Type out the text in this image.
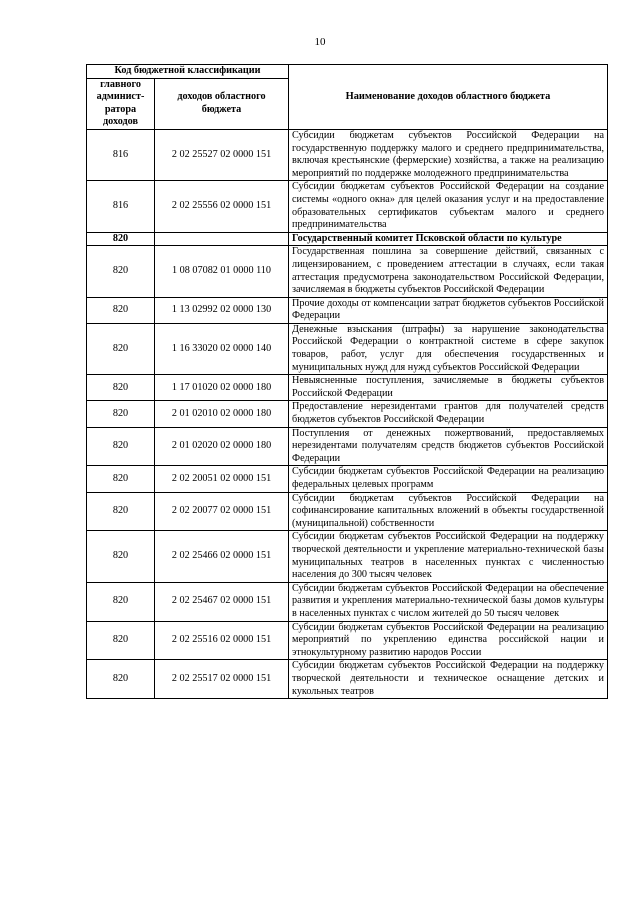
10
Код бюджетной классификации		Наименование доходов областного бюджета
главного админист-ратора доходов	доходов областного бюджета	
816	2 02 25527 02 0000 151	Субсидии бюджетам субъектов Российской Федерации на государственную поддержку малого и среднего предпринимательства, включая крестьянские (фермерские) хозяйства, а также на реализацию мероприятий по поддержке молодежного предпринимательства
816	2 02 25556 02 0000 151	Субсидии бюджетам субъектов Российской Федерации на создание системы «одного окна» для целей оказания услуг и на предоставление образовательных сертификатов субъектам малого и среднего предпринимательства
820		Государственный комитет Псковской области по культуре
820	1 08 07082 01 0000 110	Государственная пошлина за совершение действий, связанных с лицензированием, с проведением аттестации в случаях, если такая аттестация предусмотрена законодательством Российской Федерации, зачисляемая в бюджеты субъектов Российской Федерации
820	1 13 02992 02 0000 130	Прочие доходы от компенсации затрат бюджетов субъектов Российской Федерации
820	1 16 33020 02 0000 140	Денежные взыскания (штрафы) за нарушение законодательства Российской Федерации о контрактной системе в сфере закупок товаров, работ, услуг для обеспечения государственных и муниципальных нужд для нужд субъектов Российской Федерации
820	1 17 01020 02 0000 180	Невыясненные поступления, зачисляемые в бюджеты субъектов Российской Федерации
820	2 01 02010 02 0000 180	Предоставление нерезидентами грантов для получателей средств бюджетов субъектов Российской Федерации
820	2 01 02020 02 0000 180	Поступления от денежных пожертвований, предоставляемых нерезидентами получателям средств бюджетов субъектов Российской Федерации
820	2 02 20051 02 0000 151	Субсидии бюджетам субъектов Российской Федерации на реализацию федеральных целевых программ
820	2 02 20077 02 0000 151	Субсидии бюджетам субъектов Российской Федерации на софинансирование капитальных вложений в объекты государственной (муниципальной) собственности
820	2 02 25466 02 0000 151	Субсидии бюджетам субъектов Российской Федерации на поддержку творческой деятельности и укрепление материально-технической базы муниципальных театров в населенных пунктах с численностью населения до 300 тысяч человек
820	2 02 25467 02 0000 151	Субсидии бюджетам субъектов Российской Федерации на обеспечение развития и укрепления материально-технической базы домов культуры в населенных пунктах с числом жителей до 50 тысяч человек
820	2 02 25516 02 0000 151	Субсидии бюджетам субъектов Российской Федерации на реализацию мероприятий по укреплению единства российской нации и этнокультурному развитию народов России
820	2 02 25517 02 0000 151	Субсидии бюджетам субъектов Российской Федерации на поддержку творческой деятельности и техническое оснащение детских и кукольных театров
